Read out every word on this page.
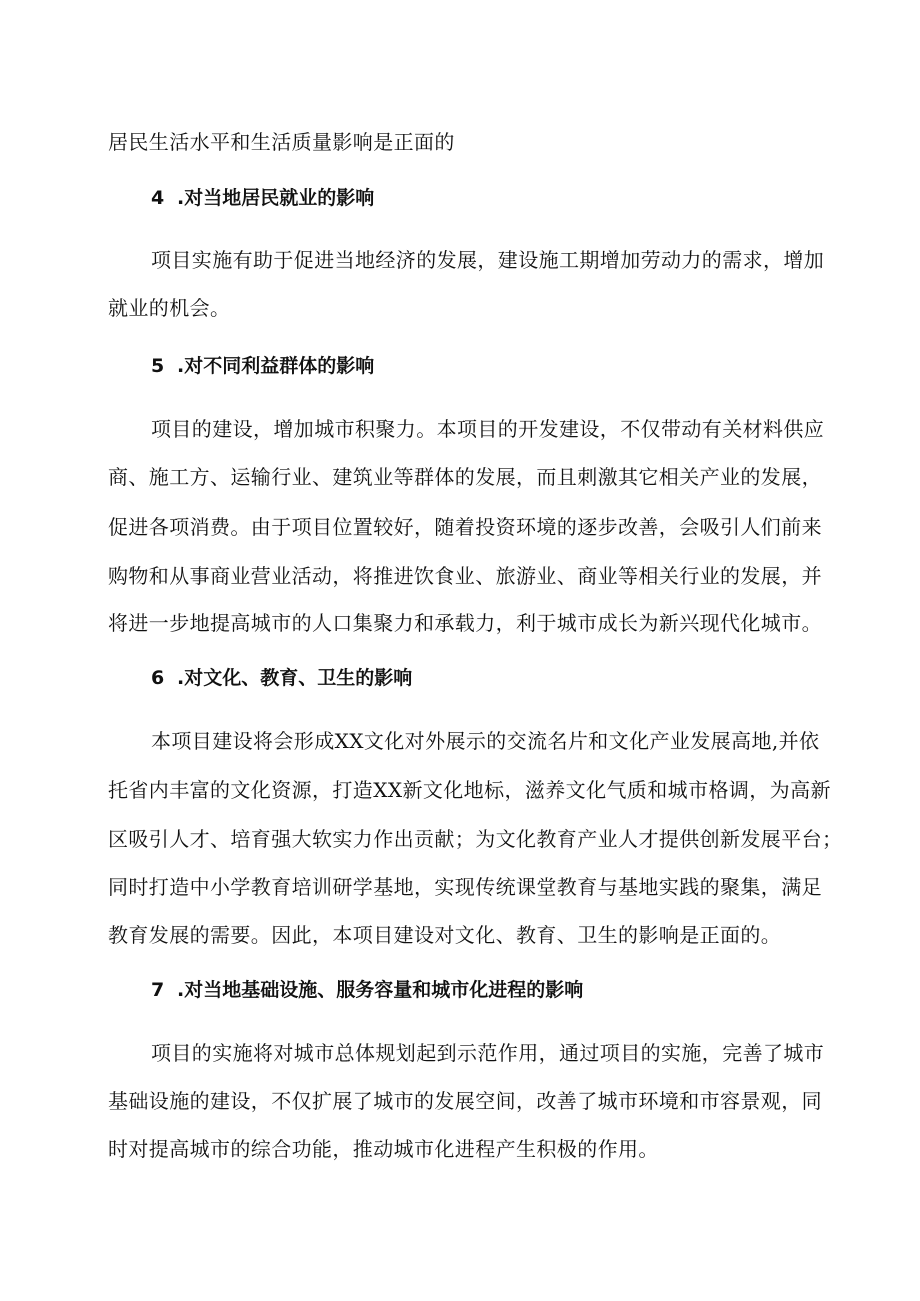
居民生活水平和生活质量影响是正面的
4 .对当地居民就业的影响
项目实施有助于促进当地经济的发展，建设施工期增加劳动力的需求，增加
就业的机会。
5 .对不同利益群体的影响
项目的建设，增加城市积聚力。本项目的开发建设，不仅带动有关材料供应
商、施工方、运输行业、建筑业等群体的发展，而且刺激其它相关产业的发展，
促进各项消费。由于项目位置较好，随着投资环境的逐步改善，会吸引人们前来
购物和从事商业营业活动，将推进饮食业、旅游业、商业等相关行业的发展，并
将进一步地提高城市的人口集聚力和承载力，利于城市成长为新兴现代化城市。
6 .对文化、教育、卫生的影响
本项目建设将会形成XX文化对外展示的交流名片和文化产业发展高地,并依
托省内丰富的文化资源，打造XX新文化地标，滋养文化气质和城市格调，为高新
区吸引人才、培育强大软实力作出贡献；为文化教育产业人才提供创新发展平台；
同时打造中小学教育培训研学基地，实现传统课堂教育与基地实践的聚集，满足
教育发展的需要。因此，本项目建设对文化、教育、卫生的影响是正面的。
7 .对当地基础设施、服务容量和城市化进程的影响
项目的实施将对城市总体规划起到示范作用，通过项目的实施，完善了城市
基础设施的建设，不仅扩展了城市的发展空间，改善了城市环境和市容景观，同
时对提高城市的综合功能，推动城市化进程产生积极的作用。
